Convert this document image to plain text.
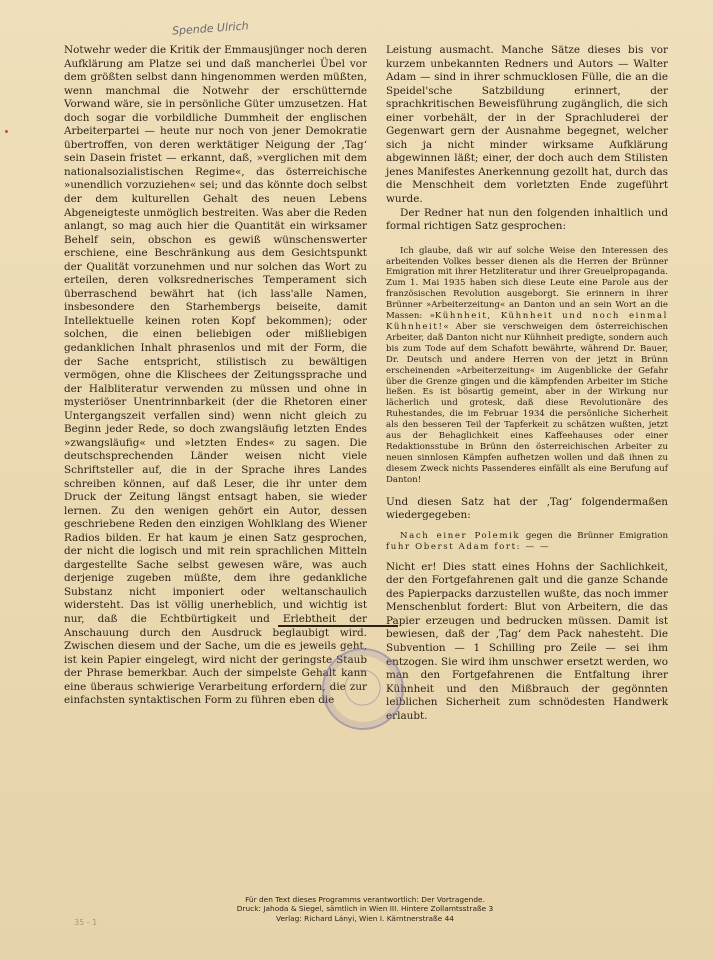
Spende Ulrich

Notwehr weder die Kritik der Emmausjünger noch deren Aufklärung am Platze sei und daß mancherlei Übel vor dem größten selbst dann hingenommen werden müßten, wenn manchmal die Notwehr der erschütternde Vorwand wäre, sie in persönliche Güter umzusetzen. Hat doch sogar die vorbildliche Dummheit der englischen Arbeiterpartei — heute nur noch von jener Demokratie übertroffen, von deren werktätiger Neigung der ‚Tag‘ sein Dasein fristet — erkannt, daß, »verglichen mit dem nationalsozialistischen Regime«, das österreichische »unendlich vorzuziehen« sei; und das könnte doch selbst der dem kulturellen Gehalt des neuen Lebens Abgeneigteste unmöglich bestreiten. Was aber die Reden anlangt, so mag auch hier die Quantität ein wirksamer Behelf sein, obschon es gewiß wünschenswerter erschiene, eine Beschränkung aus dem Gesichtspunkt der Qualität vorzunehmen und nur solchen das Wort zu erteilen, deren volksrednerisches Temperament sich überraschend bewährt hat (ich lass'alle Namen, insbesondere den Starhembergs beiseite, damit Intellektuelle keinen roten Kopf bekommen); oder solchen, die einen beliebigen oder mißliebigen gedanklichen Inhalt phrasenlos und mit der Form, die der Sache entspricht, stilistisch zu bewältigen vermögen, ohne die Klischees der Zeitungssprache und der Halbliteratur verwenden zu müssen und ohne in mysteriöser Unentrinnbarkeit (der die Rhetoren einer Untergangszeit verfallen sind) wenn nicht gleich zu Beginn jeder Rede, so doch zwangsläufig letzten Endes »zwangsläufig« und »letzten Endes« zu sagen. Die deutschsprechenden Länder weisen nicht viele Schriftsteller auf, die in der Sprache ihres Landes schreiben können, auf daß Leser, die ihr unter dem Druck der Zeitung längst entsagt haben, sie wieder lernen. Zu den wenigen gehört ein Autor, dessen geschriebene Reden den einzigen Wohlklang des Wiener Radios bilden. Er hat kaum je einen Satz gesprochen, der nicht die logisch und mit rein sprachlichen Mitteln dargestellte Sache selbst gewesen wäre, was auch derjenige zugeben müßte, dem ihre gedankliche Substanz nicht imponiert oder weltanschaulich widersteht. Das ist völlig unerheblich, und wichtig ist nur, daß die Echtbürtigkeit und Erlebtheit der Anschauung durch den Ausdruck beglaubigt wird. Zwischen diesem und der Sache, um die es jeweils geht, ist kein Papier eingelegt, wird nicht der geringste Staub der Phrase bemerkbar. Auch der simpelste Gehalt kann eine überaus schwierige Verarbeitung erfordern, die zur einfachsten syntaktischen Form zu führen eben die

Leistung ausmacht. Manche Sätze dieses bis vor kurzem unbekannten Redners und Autors — Walter Adam — sind in ihrer schmucklosen Fülle, die an die Speidel'sche Satzbildung erinnert, der sprachkritischen Beweisführung zugänglich, die sich einer vorbehält, der in der Sprachluderei der Gegenwart gern der Ausnahme begegnet, welcher sich ja nicht minder wirksame Aufklärung abgewinnen läßt; einer, der doch auch dem Stilisten jenes Manifestes Anerkennung gezollt hat, durch das die Menschheit dem vorletzten Ende zugeführt wurde.

Der Redner hat nun den folgenden inhaltlich und formal richtigen Satz gesprochen:

Ich glaube, daß wir auf solche Weise den Interessen des arbeitenden Volkes besser dienen als die Herren der Brünner Emigration mit ihrer Hetzliteratur und ihrer Greuelpropaganda. Zum 1. Mai 1935 haben sich diese Leute eine Parole aus der französischen Revolution ausgeborgt. Sie erinnern in ihrer Brünner »Arbeiterzeitung« an Danton und an sein Wort an die Massen: »Kühnheit, Kühnheit und noch einmal Kühnheit!« Aber sie verschweigen dem österreichischen Arbeiter, daß Danton nicht nur Kühnheit predigte, sondern auch bis zum Tode auf dem Schafott bewährte, während Dr. Bauer, Dr. Deutsch und andere Herren von der jetzt in Brünn erscheinenden »Arbeiterzeitung« im Augenblicke der Gefahr über die Grenze gingen und die kämpfenden Arbeiter im Stiche ließen. Es ist bösartig gemeint, aber in der Wirkung nur lächerlich und grotesk, daß diese Revolutionäre des Ruhestandes, die im Februar 1934 die persönliche Sicherheit als den besseren Teil der Tapferkeit zu schätzen wußten, jetzt aus der Behaglichkeit eines Kaffeehauses oder einer Redaktionsstube in Brünn den österreichischen Arbeiter zu neuen sinnlosen Kämpfen aufhetzen wollen und daß ihnen zu diesem Zweck nichts Passenderes einfällt als eine Berufung auf Danton!

Und diesen Satz hat der ‚Tag‘ folgendermaßen wiedergegeben:

Nach einer Polemik gegen die Brünner Emigration fuhr Oberst Adam fort: — —

Nicht er! Dies statt eines Hohns der Sachlichkeit, der den Fortgefahrenen galt und die ganze Schande des Papierpacks darzustellen wußte, das noch immer Menschenblut fordert: Blut von Arbeitern, die das Papier erzeugen und bedrucken müssen. Damit ist bewiesen, daß der ‚Tag‘ dem Pack nahesteht. Die Subvention — 1 Schilling pro Zeile — sei ihm entzogen. Sie wird ihm unschwer ersetzt werden, wo man den Fortgefahrenen die Entfaltung ihrer Kühnheit und den Mißbrauch der gegönnten leiblichen Sicherheit zum schnödesten Handwerk erlaubt.

Für den Text dieses Programms verantwortlich: Der Vortragende.
Druck: Jahoda & Siegel, sämtlich in Wien III. Hintere Zollamtsstraße 3
Verlag: Richard Lányi, Wien I. Kärntnerstraße 44
35 - 1
